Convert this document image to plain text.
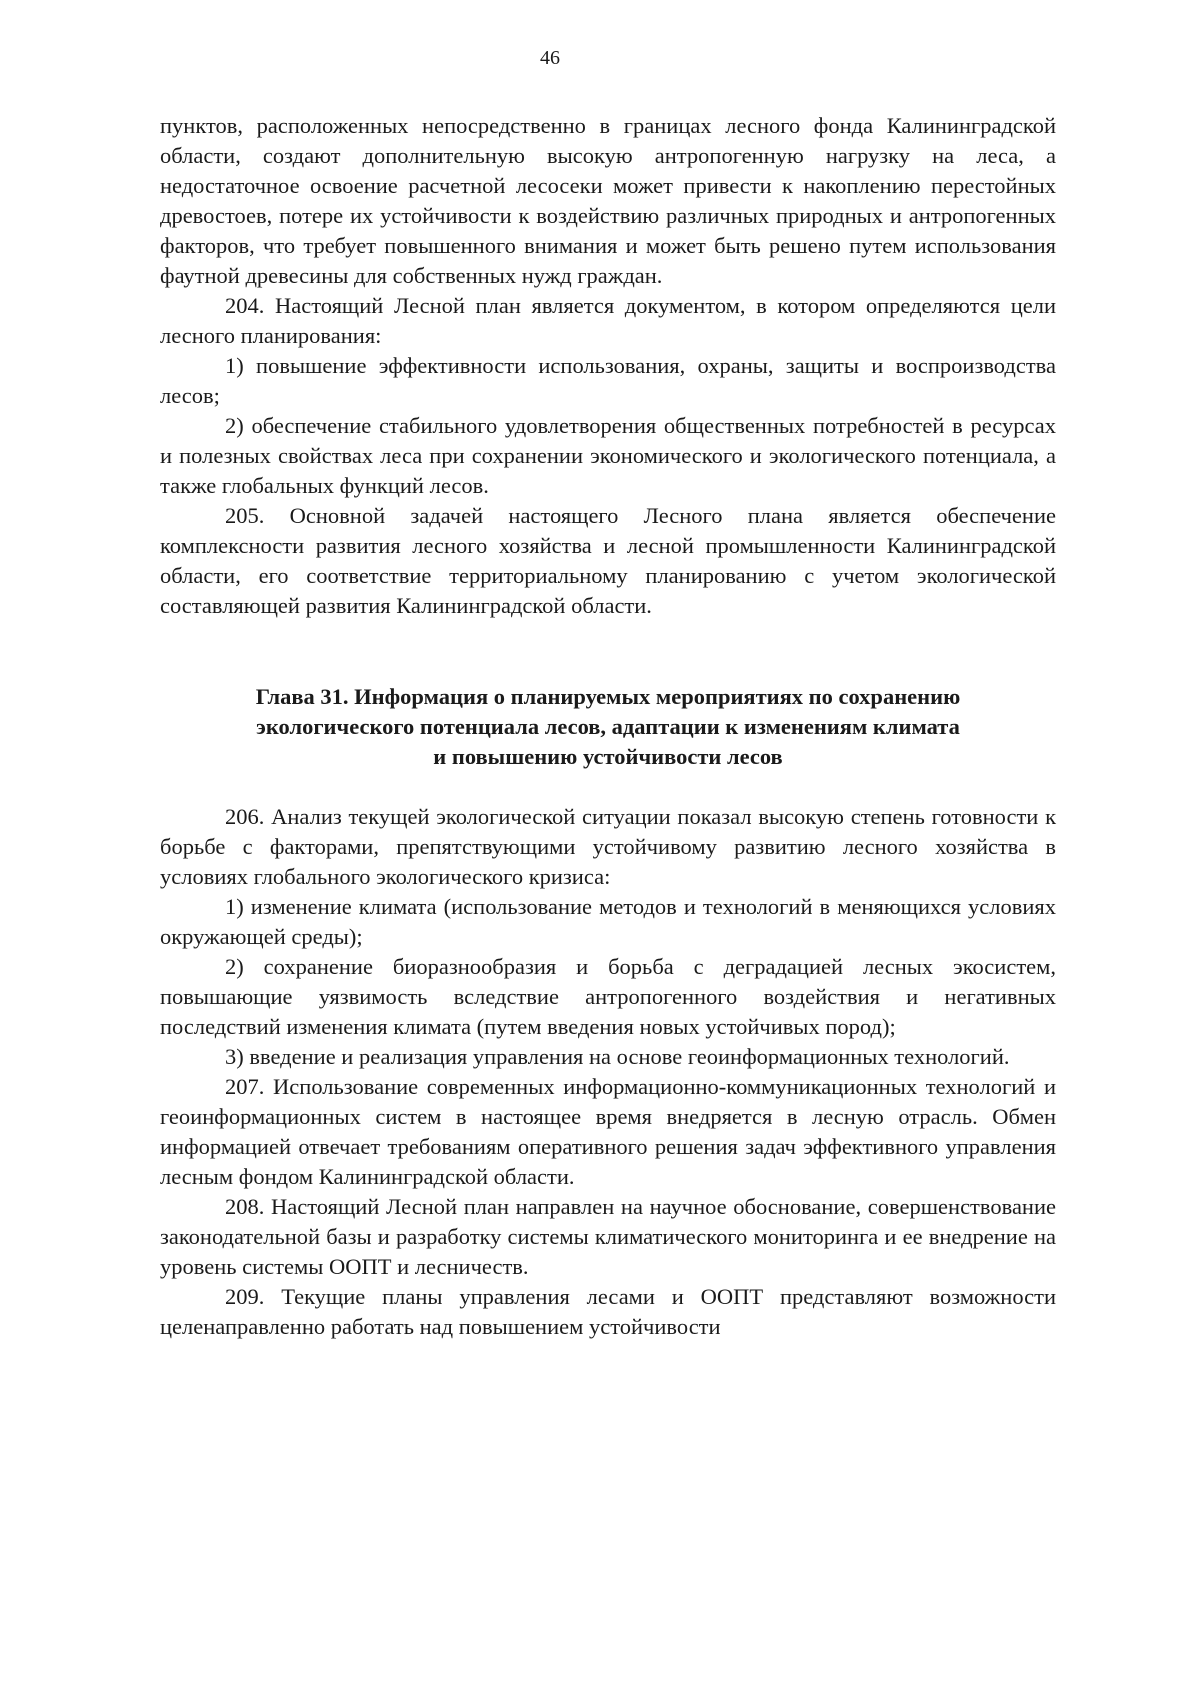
46

пунктов, расположенных непосредственно в границах лесного фонда Калининградской области, создают дополнительную высокую антропогенную нагрузку на леса, а недостаточное освоение расчетной лесосеки может привести к накоплению перестойных древостоев, потере их устойчивости к воздействию различных природных и антропогенных факторов, что требует повышенного внимания и может быть решено путем использования фаутной древесины для собственных нужд граждан.

204. Настоящий Лесной план является документом, в котором определяются цели лесного планирования:

1) повышение эффективности использования, охраны, защиты и воспроизводства лесов;

2) обеспечение стабильного удовлетворения общественных потребностей в ресурсах и полезных свойствах леса при сохранении экономического и экологического потенциала, а также глобальных функций лесов.

205. Основной задачей настоящего Лесного плана является обеспечение комплексности развития лесного хозяйства и лесной промышленности Калининградской области, его соответствие территориальному планированию с учетом экологической составляющей развития Калининградской области.

Глава 31. Информация о планируемых мероприятиях по сохранению
экологического потенциала лесов, адаптации к изменениям климата
и повышению устойчивости лесов

206. Анализ текущей экологической ситуации показал высокую степень готовности к борьбе с факторами, препятствующими устойчивому развитию лесного хозяйства в условиях глобального экологического кризиса:

1) изменение климата (использование методов и технологий в меняющихся условиях окружающей среды);

2) сохранение биоразнообразия и борьба с деградацией лесных экосистем, повышающие уязвимость вследствие антропогенного воздействия и негативных последствий изменения климата (путем введения новых устойчивых пород);

3) введение и реализация управления на основе геоинформационных технологий.

207. Использование современных информационно-коммуникационных технологий и геоинформационных систем в настоящее время внедряется в лесную отрасль. Обмен информацией отвечает требованиям оперативного решения задач эффективного управления лесным фондом Калининградской области.

208. Настоящий Лесной план направлен на научное обоснование, совершенствование законодательной базы и разработку системы климатического мониторинга и ее внедрение на уровень системы ООПТ и лесничеств.

209. Текущие планы управления лесами и ООПТ представляют возможности целенаправленно работать над повышением устойчивости
